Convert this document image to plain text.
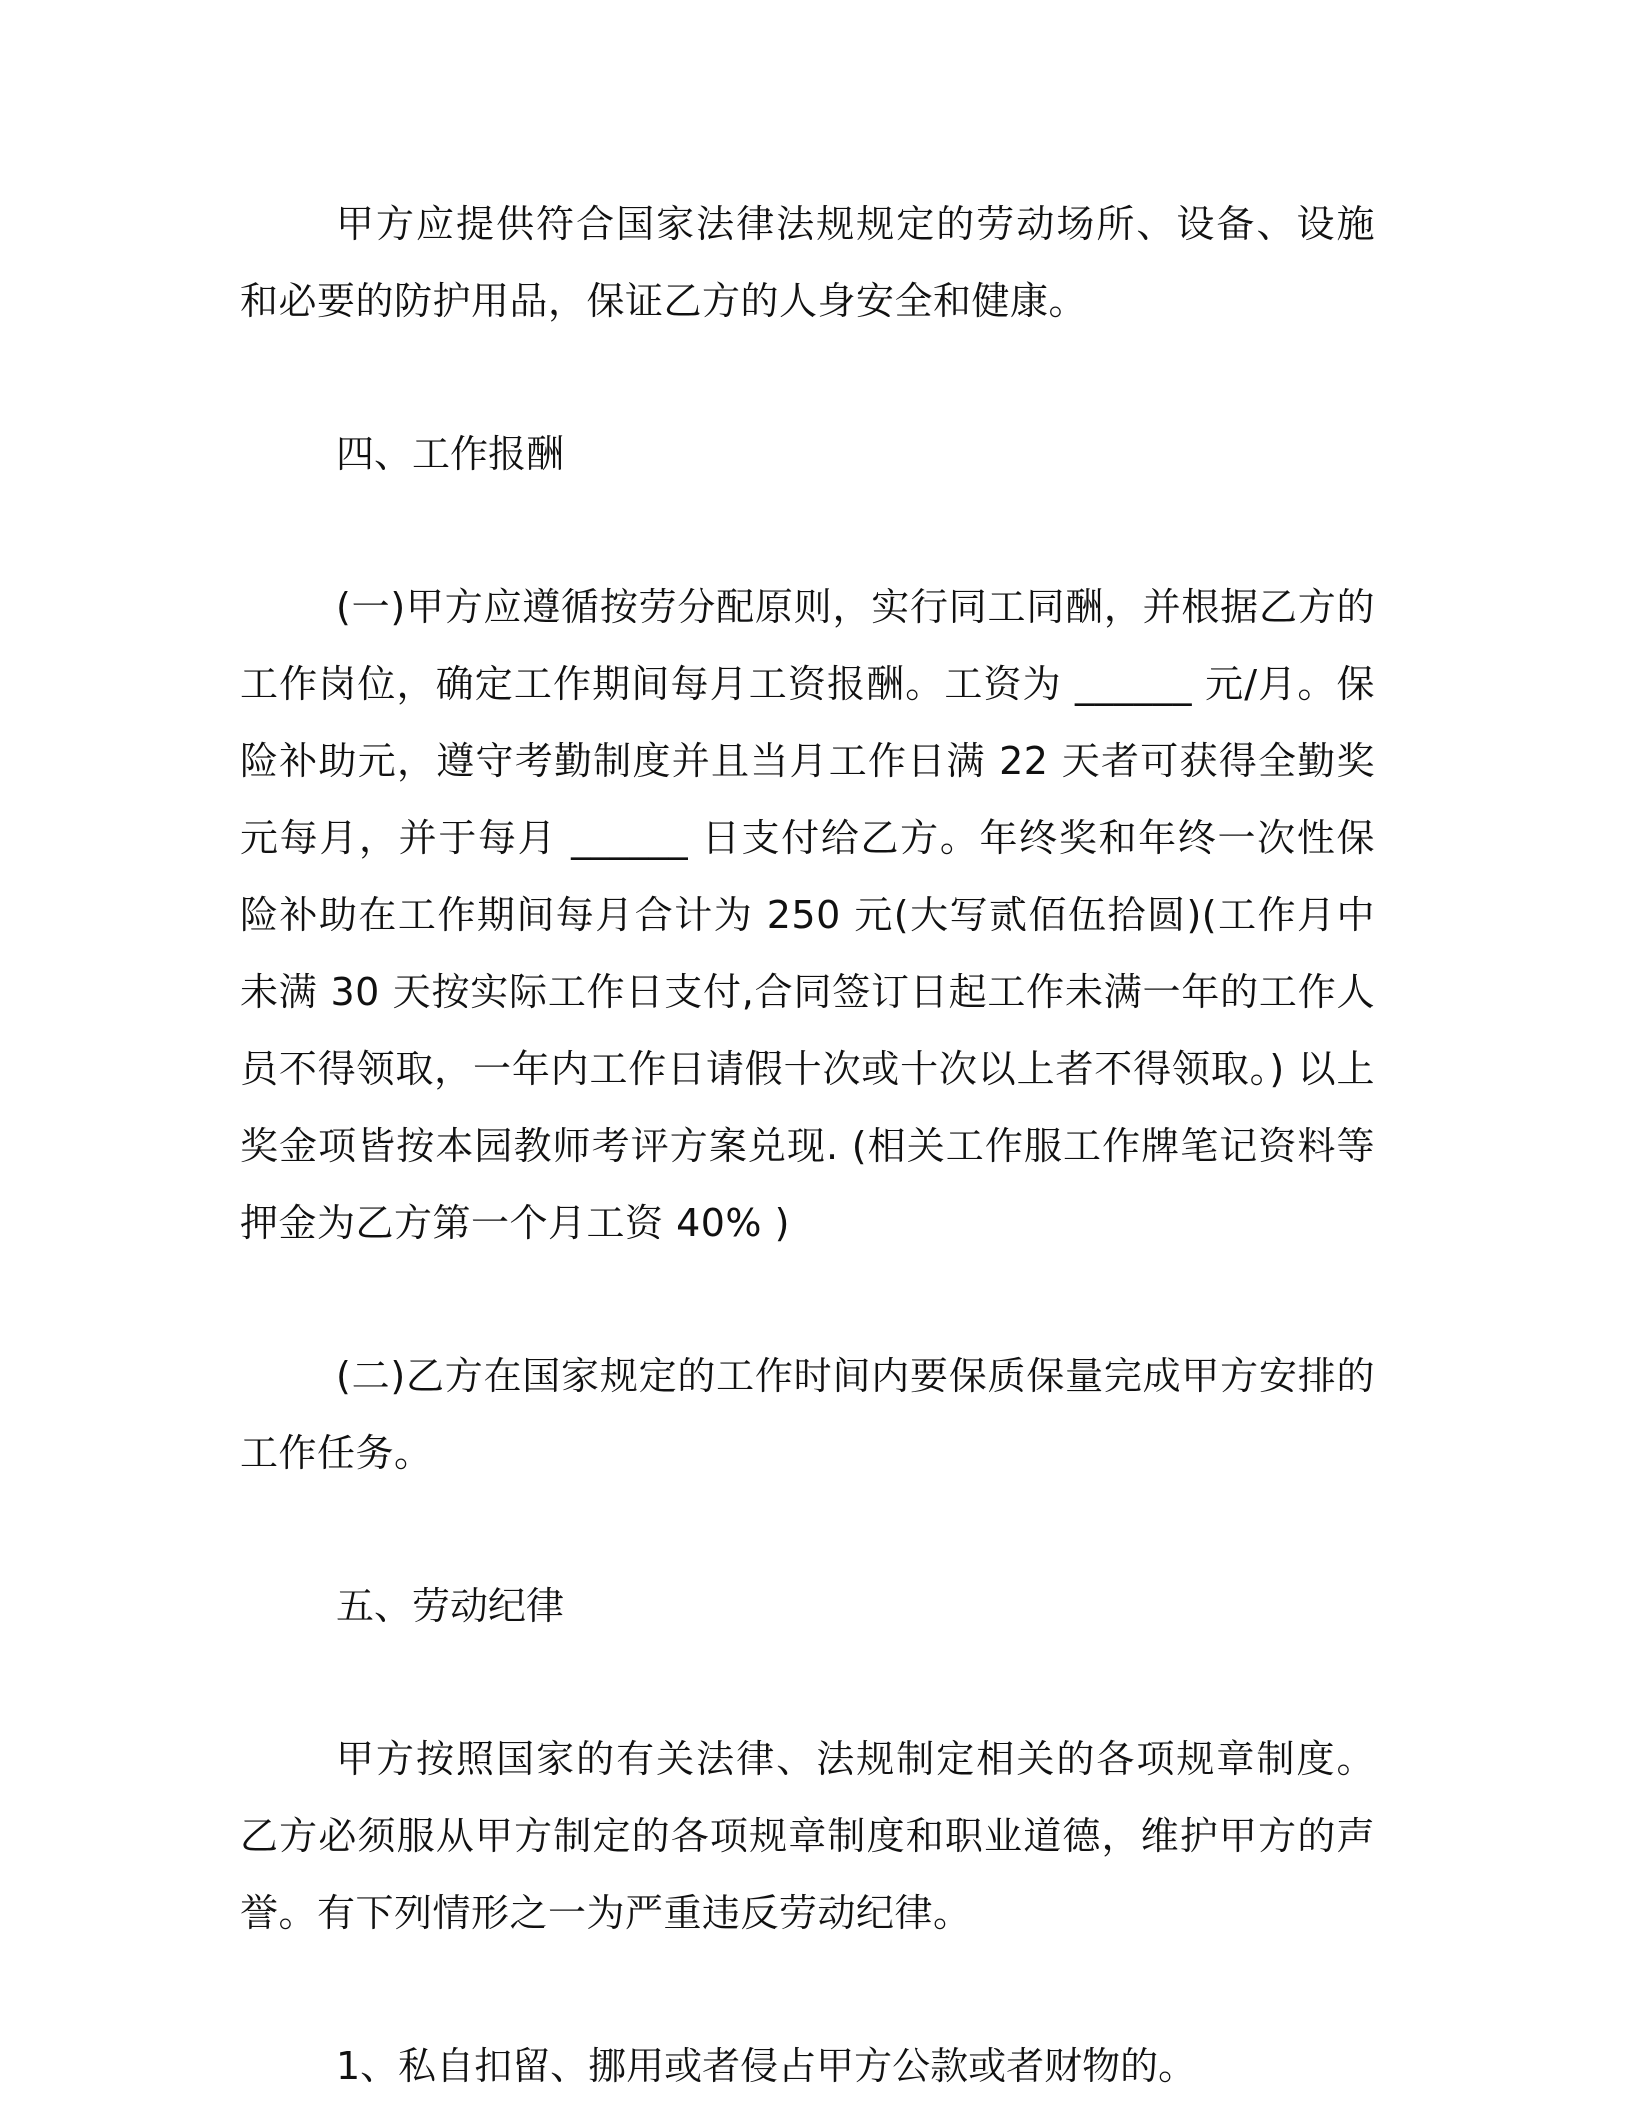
甲方应提供符合国家法律法规规定的劳动场所、设备、设施和必要的防护用品，保证乙方的人身安全和健康。

四、工作报酬

(一)甲方应遵循按劳分配原则，实行同工同酬，并根据乙方的工作岗位，确定工作期间每月工资报酬。工资为 ______ 元/月。保险补助元，遵守考勤制度并且当月工作日满 22 天者可获得全勤奖 元每月，并于每月 ______ 日支付给乙方。年终奖和年终一次性保险补助在工作期间每月合计为 250 元(大写贰佰伍拾圆)(工作月中未满 30 天按实际工作日支付,合同签订日起工作未满一年的工作人员不得领取，一年内工作日请假十次或十次以上者不得领取。) 以上奖金项皆按本园教师考评方案兑现. (相关工作服工作牌笔记资料等押金为乙方第一个月工资 40% )

(二)乙方在国家规定的工作时间内要保质保量完成甲方安排的工作任务。

五、劳动纪律

甲方按照国家的有关法律、法规制定相关的各项规章制度。乙方必须服从甲方制定的各项规章制度和职业道德，维护甲方的声誉。有下列情形之一为严重违反劳动纪律。

1、私自扣留、挪用或者侵占甲方公款或者财物的。
